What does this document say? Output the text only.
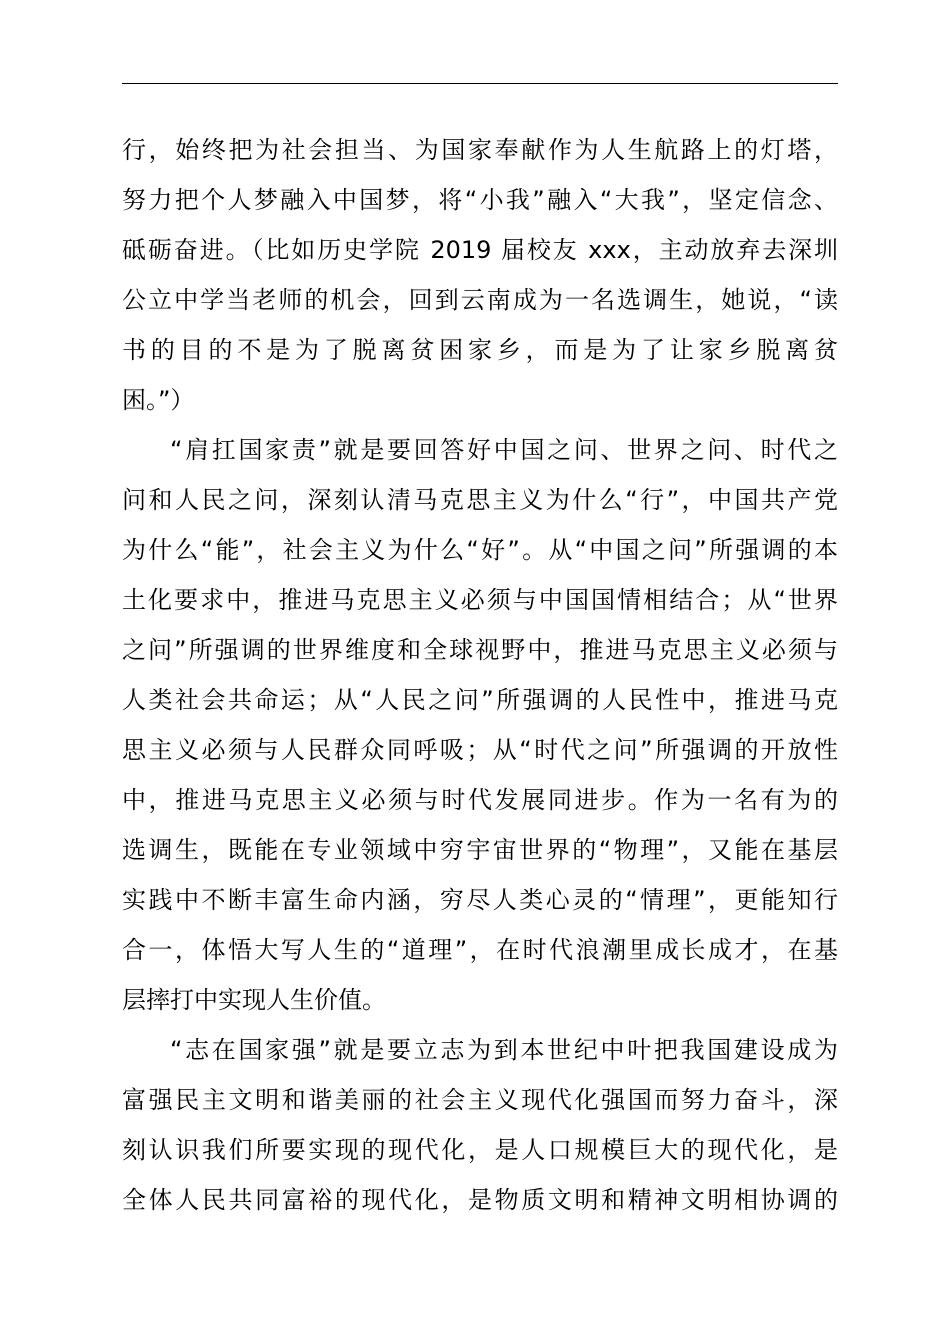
行，始终把为社会担当、为国家奉献作为人生航路上的灯塔，
努力把个人梦融入中国梦，将“小我”融入“大我”，坚定信念、
砥砺奋进。（比如历史学院 2019 届校友 xxx，主动放弃去深圳
公立中学当老师的机会，回到云南成为一名选调生，她说，“读
书的目的不是为了脱离贫困家乡，而是为了让家乡脱离贫
困。”）
“肩扛国家责”就是要回答好中国之问、世界之问、时代之
问和人民之问，深刻认清马克思主义为什么“行”，中国共产党
为什么“能”，社会主义为什么“好”。从“中国之问”所强调的本
土化要求中，推进马克思主义必须与中国国情相结合；从“世界
之问”所强调的世界维度和全球视野中，推进马克思主义必须与
人类社会共命运；从“人民之问”所强调的人民性中，推进马克
思主义必须与人民群众同呼吸；从“时代之问”所强调的开放性
中，推进马克思主义必须与时代发展同进步。作为一名有为的
选调生，既能在专业领域中穷宇宙世界的“物理”，又能在基层
实践中不断丰富生命内涵，穷尽人类心灵的“情理”，更能知行
合一，体悟大写人生的“道理”，在时代浪潮里成长成才，在基
层摔打中实现人生价值。
“志在国家强”就是要立志为到本世纪中叶把我国建设成为
富强民主文明和谐美丽的社会主义现代化强国而努力奋斗，深
刻认识我们所要实现的现代化，是人口规模巨大的现代化，是
全体人民共同富裕的现代化，是物质文明和精神文明相协调的
